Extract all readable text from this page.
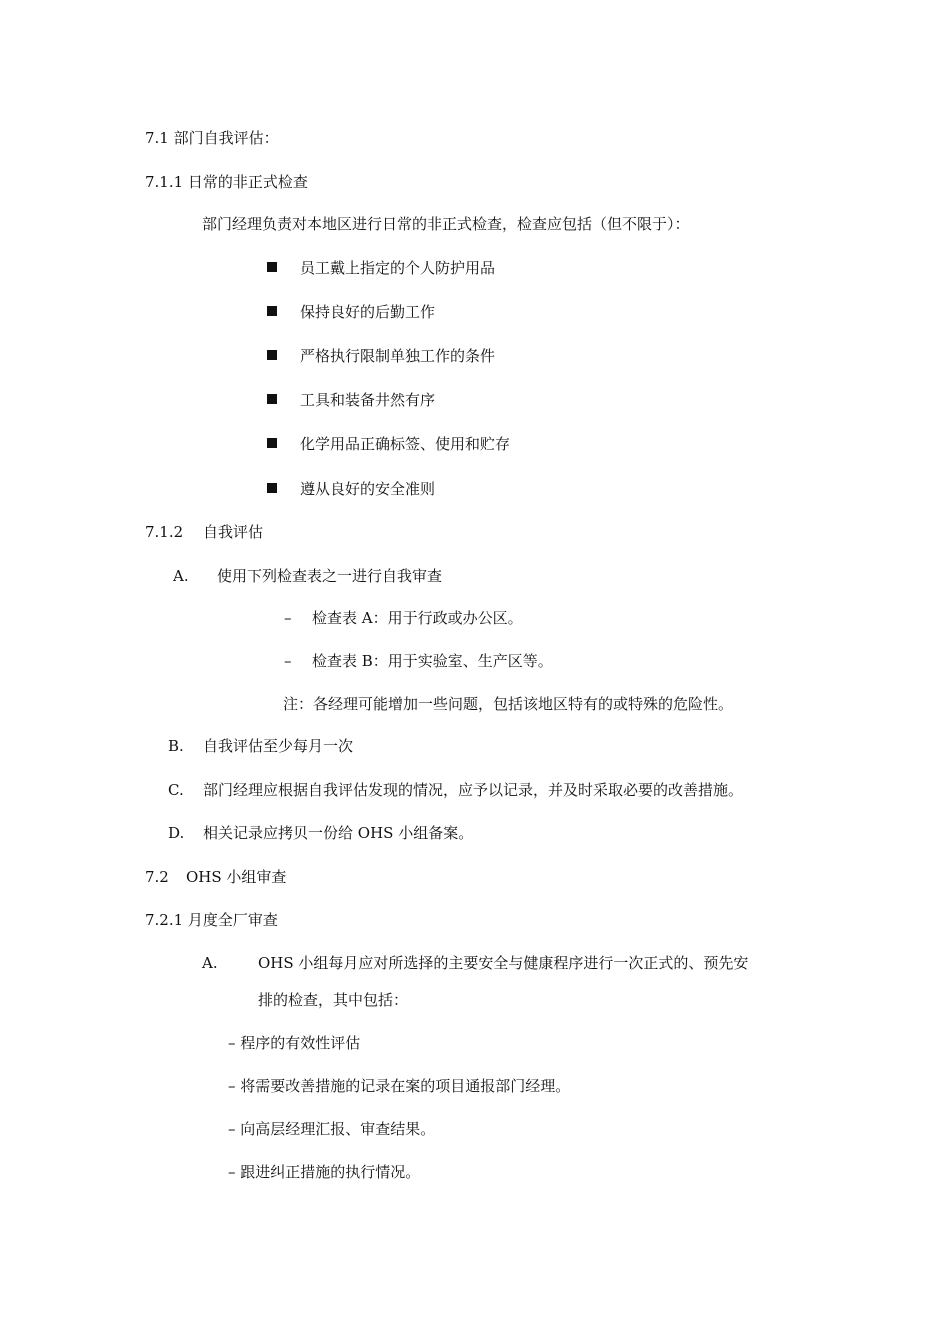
7.1 部门自我评估：
7.1.1 日常的非正式检查
部门经理负责对本地区进行日常的非正式检查，检查应包括（但不限于）：
员工戴上指定的个人防护用品
保持良好的后勤工作
严格执行限制单独工作的条件
工具和装备井然有序
化学用品正确标签、使用和贮存
遵从良好的安全准则
7.1.2 自我评估
A. 使用下列检查表之一进行自我审查
– 检查表 A：用于行政或办公区。
– 检查表 B：用于实验室、生产区等。
注：各经理可能增加一些问题，包括该地区特有的或特殊的危险性。
B. 自我评估至少每月一次
C. 部门经理应根据自我评估发现的情况，应予以记录，并及时采取必要的改善措施。
D. 相关记录应拷贝一份给 OHS 小组备案。
7.2 OHS 小组审查
7.2.1 月度全厂审查
A.	OHS 小组每月应对所选择的主要安全与健康程序进行一次正式的、预先安
排的检查，其中包括：
– 程序的有效性评估
– 将需要改善措施的记录在案的项目通报部门经理。
– 向高层经理汇报、审查结果。
– 跟进纠正措施的执行情况。
